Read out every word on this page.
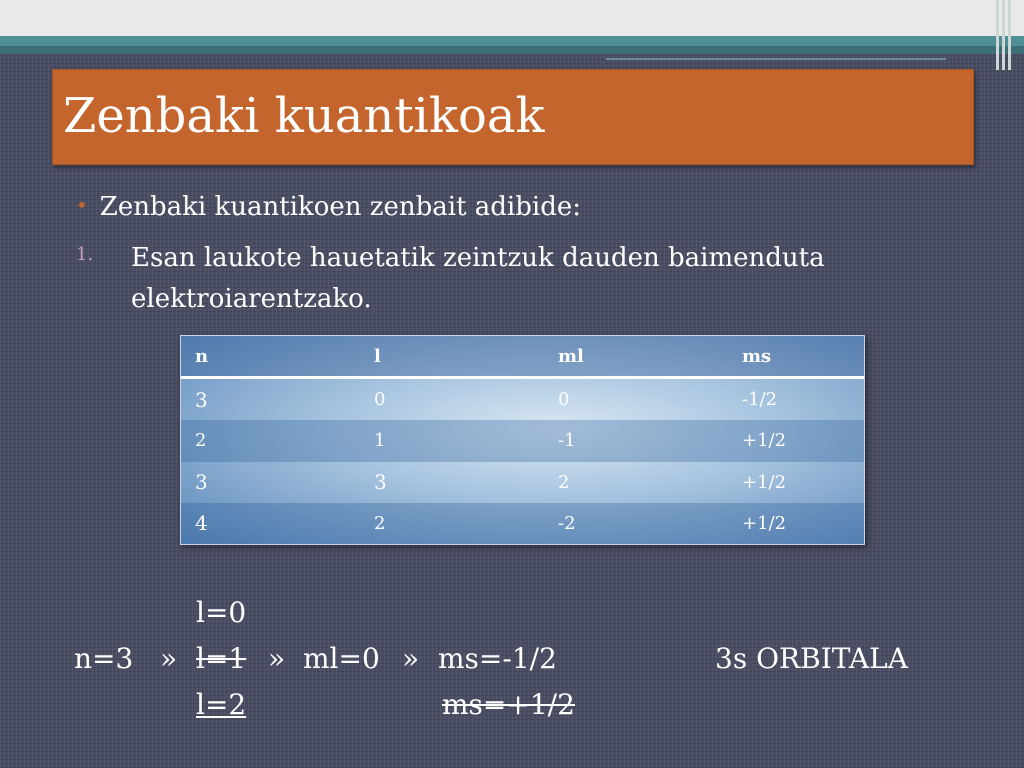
Zenbaki kuantikoak
• Zenbaki kuantikoen zenbait adibide:
1. Esan laukote hauetatik zeintzuk dauden baimenduta elektroiarentzako.
n	l	ml	ms
3	0	0	-1/2
2	1	-1	+1/2
3	3	2	+1/2
4	2	-2	+1/2
l=0
n=3 » l=1 » ml=0 » ms=-1/2	3s ORBITALA
l=2	ms=+1/2
